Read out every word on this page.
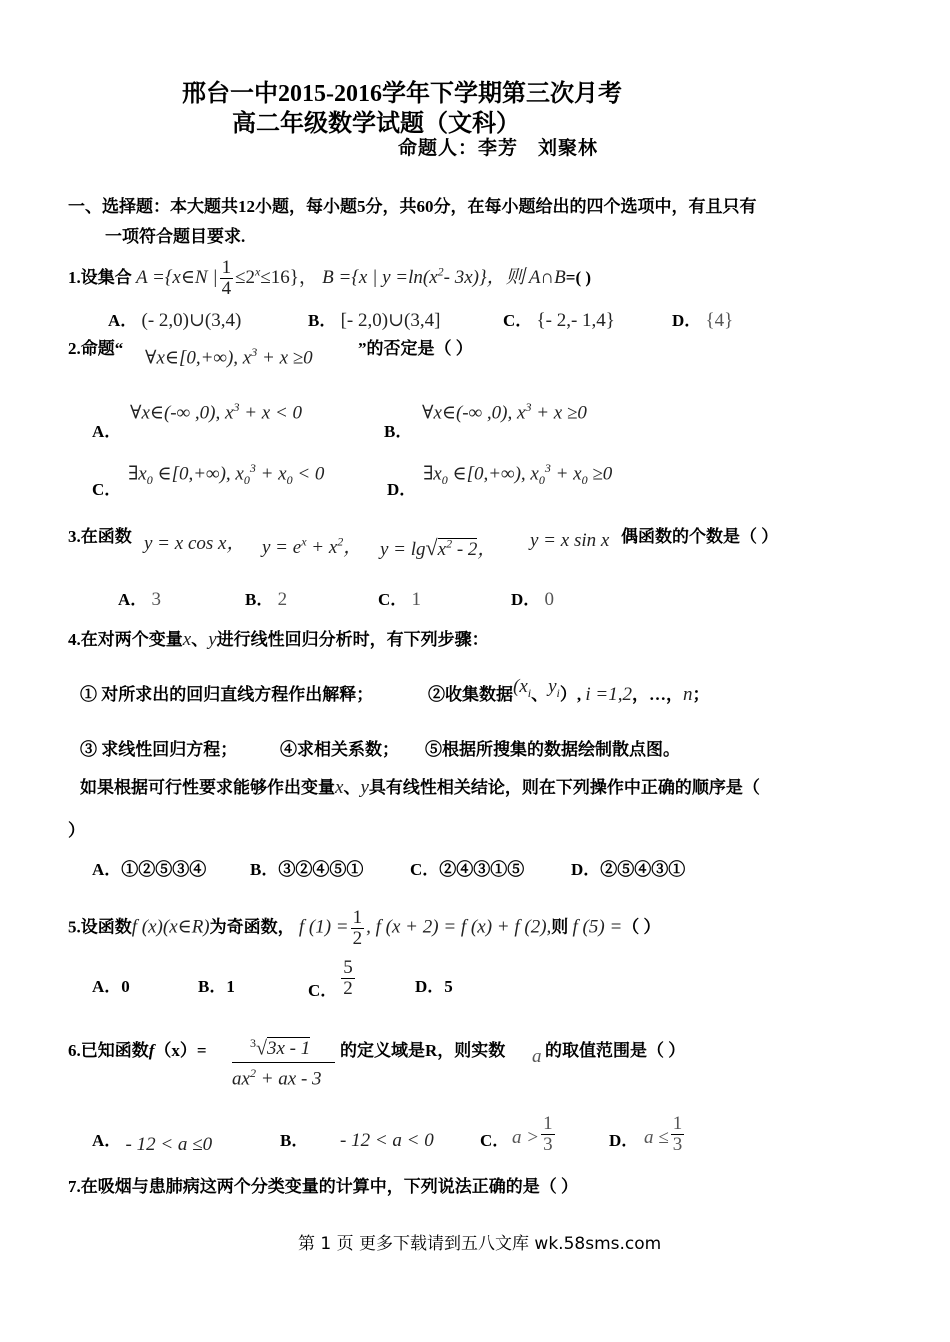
邢台一中2015-2016学年下学期第三次月考
高二年级数学试题（文科）
命题人：李芳　刘聚林
一、选择题：本大题共12小题，每小题5分，共60分，在每小题给出的四个选项中，有且只有
一项符合题目要求.
1.设集合 A ={x∈N | $\frac{1}{4} \le 2^x\le 16$}， B ={x | $y =\ln(x^2-$ 3x)}，则 A∩B=( )
A． (- 2,0)∪(3,4)	B． [- 2,0)∪(3,4]	C． {- 2,- 1,4}	D． {4}
2.命题“ ∀x∈[0,+∞), $x^3 + x \ge 0$	”的否定是（ ）
A．
∀x∈(-∞ ,0), $x^3 + x < 0$
B．
∀x∈(-∞ ,0), $x^3 + x \ge 0$
C．
$\exists x_0$ ∈[0,+∞), $x_0^3 + x_0 < 0$
D．
$\exists x_0$ ∈[0,+∞), $x_0^3 + x_0 \ge 0$
3.在函数 y = x cos x， $y = e^x + x^2$， $y = \lg√x^2 - 2$， y = x sin x 偶函数的个数是（ ）
A． 3	B． 2	C． 1	D． 0
4.在对两个变量x、y进行线性回归分析时，有下列步骤：
① 对所求出的回归直线方程作出解释；	②收集数据($x_i$、$y_i$）, i =1,2，…，n；
③ 求线性回归方程；	④求相关系数； ⑤根据所搜集的数据绘制散点图。
如果根据可行性要求能够作出变量x、y具有线性相关结论，则在下列操作中正确的顺序是（
）
A．①②⑤③④	B．③②④⑤①	C．②④③①⑤	D．②⑤④③①
5.设函数f (x)(x∈R)为奇函数， f $(1) = \frac{1}{2}$ , f (x + 2) = f (x) + f (2),则 f (5) =（ ）
A．0	B．1	C． $\frac{5}{2}$	D．5
6.已知函数f（x）=	$^3$√3x - 1
$ax^2$ + ax - 3
的定义域是R，则实数 a 的取值范围是（ ）
A． - 12 < a ≤0	B． - 12 < a < 0	C． $a > \frac{1}{3}$	D． $a \le \frac{1}{3}$
7.在吸烟与患肺病这两个分类变量的计算中，下列说法正确的是（ ）
第 1 页 更多下载请到五八文库 wk.58sms.com
